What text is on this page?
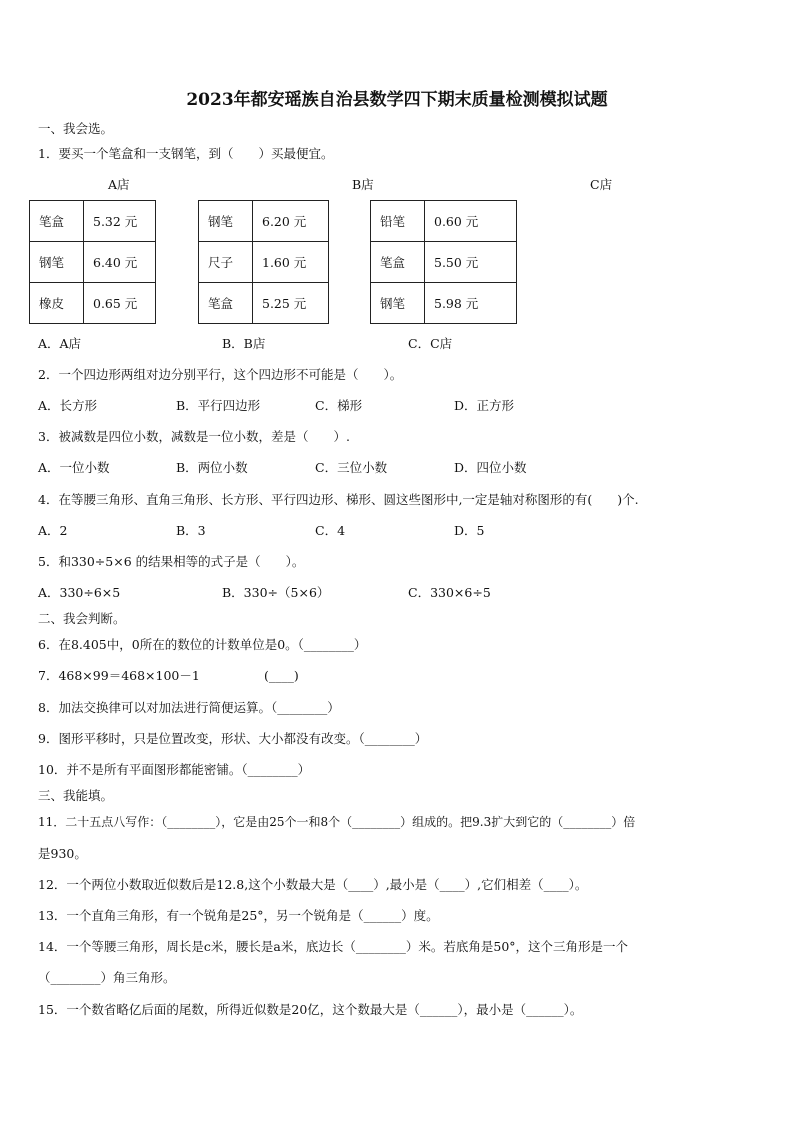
2023年都安瑶族自治县数学四下期末质量检测模拟试题
一、我会选。
1．要买一个笔盒和一支钢笔，到（　　）买最便宜。
A店	B店	C店
笔盒	5.32 元
钢笔	6.40 元
橡皮	0.65 元
钢笔	6.20 元
尺子	1.60 元
笔盒	5.25 元
铅笔	0.60 元
笔盒	5.50 元
钢笔	5.98 元
A．A店	B．B店	C．C店
2．一个四边形两组对边分别平行，这个四边形不可能是（　　）。
A．长方形	B．平行四边形	C．梯形	D．正方形
3．被减数是四位小数，减数是一位小数，差是（　　）.
A．一位小数	B．两位小数	C．三位小数	D．四位小数
4．在等腰三角形、直角三角形、长方形、平行四边形、梯形、圆这些图形中,一定是轴对称图形的有(　　)个.
A．2	B．3	C．4	D．5
5．和330÷5×6 的结果相等的式子是（　　）。
A．330÷6×5	B．330÷（5×6）	C．330×6÷5
二、我会判断。
6．在8.405中，0所在的数位的计数单位是0。（________）
7．468×99＝468×100－1	(____)
8．加法交换律可以对加法进行简便运算。（________）
9．图形平移时，只是位置改变，形状、大小都没有改变。（________）
10．并不是所有平面图形都能密铺。（________）
三、我能填。
11．二十五点八写作：（________），它是由25个一和8个（________）组成的。把9.3扩大到它的（________）倍
是930。
12．一个两位小数取近似数后是12.8,这个小数最大是（____）,最小是（____）,它们相差（____）。
13．一个直角三角形，有一个锐角是25°，另一个锐角是（______）度。
14．一个等腰三角形，周长是c米，腰长是a米，底边长（________）米。若底角是50°，这个三角形是一个
（________）角三角形。
15．一个数省略亿后面的尾数，所得近似数是20亿，这个数最大是（______），最小是（______）。
